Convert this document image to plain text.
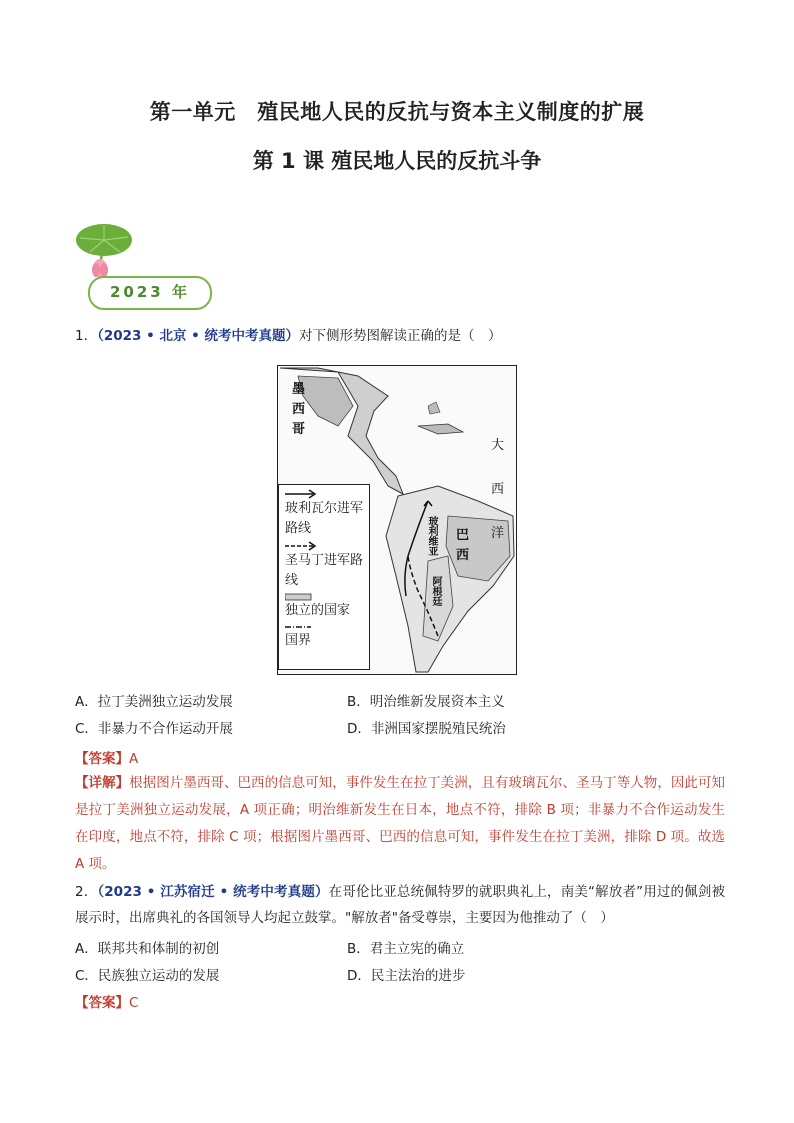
第一单元　殖民地人民的反抗与资本主义制度的扩展
第 1 课 殖民地人民的反抗斗争
2023 年
1．（2023 • 北京 • 统考中考真题）对下侧形势图解读正确的是（　）
墨西哥
巴西
玻利维亚
阿根廷
大西洋
玻利瓦尔进军路线
圣马丁进军路线
独立的国家
国界
A．拉丁美洲独立运动发展	B．明治维新发展资本主义
C．非暴力不合作运动开展	D．非洲国家摆脱殖民统治
【答案】A
【详解】根据图片墨西哥、巴西的信息可知，事件发生在拉丁美洲，且有玻璃瓦尔、圣马丁等人物，因此可知是拉丁美洲独立运动发展，A 项正确；明治维新发生在日本，地点不符，排除 B 项；非暴力不合作运动发生在印度，地点不符，排除 C 项；根据图片墨西哥、巴西的信息可知，事件发生在拉丁美洲，排除 D 项。故选 A 项。
2．（2023 • 江苏宿迁 • 统考中考真题）在哥伦比亚总统佩特罗的就职典礼上，南美“解放者”用过的佩剑被展示时，出席典礼的各国领导人均起立鼓掌。"解放者"备受尊崇，主要因为他推动了（　）
A．联邦共和体制的初创	B．君主立宪的确立
C．民族独立运动的发展	D．民主法治的进步
【答案】C
